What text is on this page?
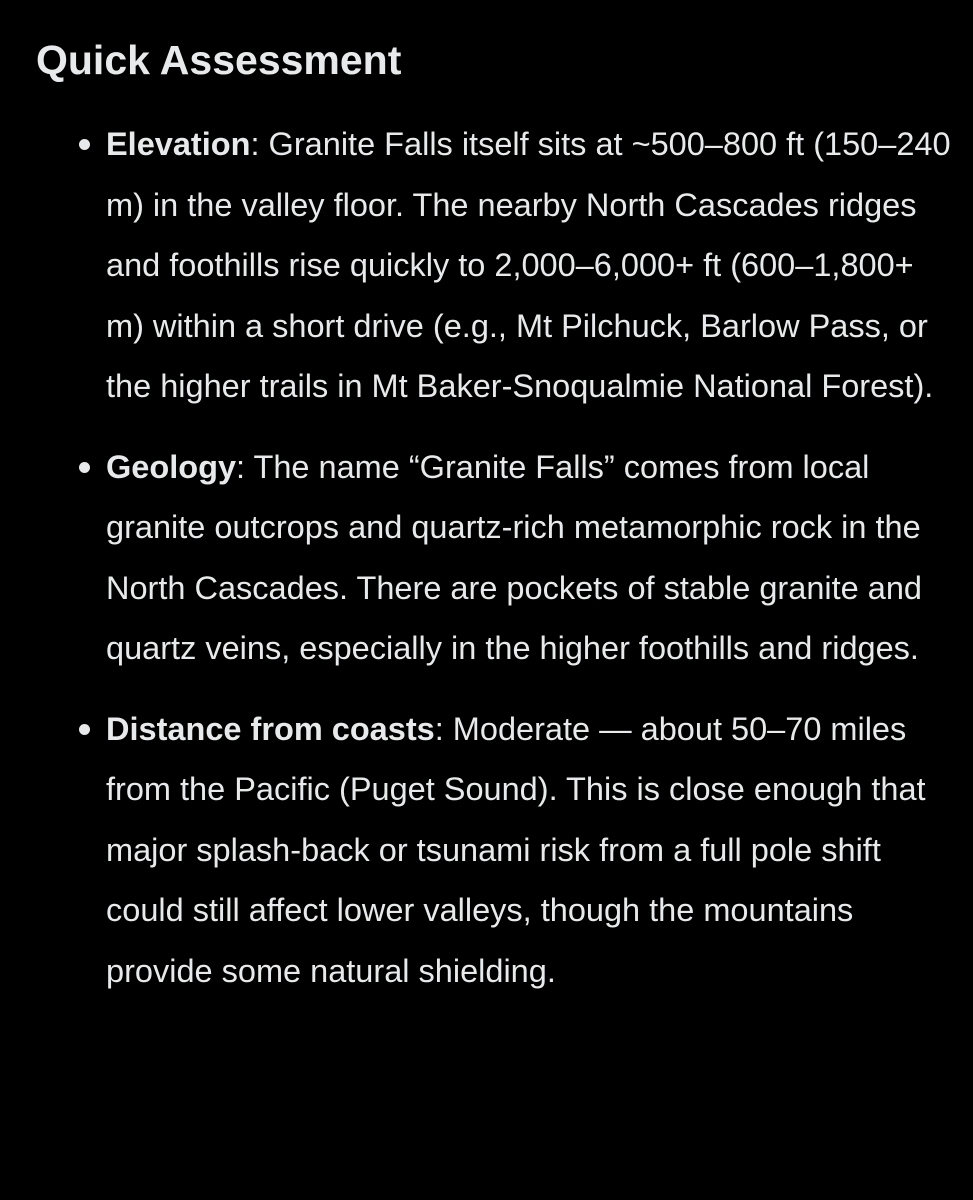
Quick Assessment
Elevation: Granite Falls itself sits at ~500–800 ft (150–240 m) in the valley floor. The nearby North Cascades ridges and foothills rise quickly to 2,000–6,000+ ft (600–1,800+ m) within a short drive (e.g., Mt Pilchuck, Barlow Pass, or the higher trails in Mt Baker-Snoqualmie National Forest).
Geology: The name “Granite Falls” comes from local granite outcrops and quartz-rich metamorphic rock in the North Cascades. There are pockets of stable granite and quartz veins, especially in the higher foothills and ridges.
Distance from coasts: Moderate — about 50–70 miles from the Pacific (Puget Sound). This is close enough that major splash-back or tsunami risk from a full pole shift could still affect lower valleys, though the mountains provide some natural shielding.
